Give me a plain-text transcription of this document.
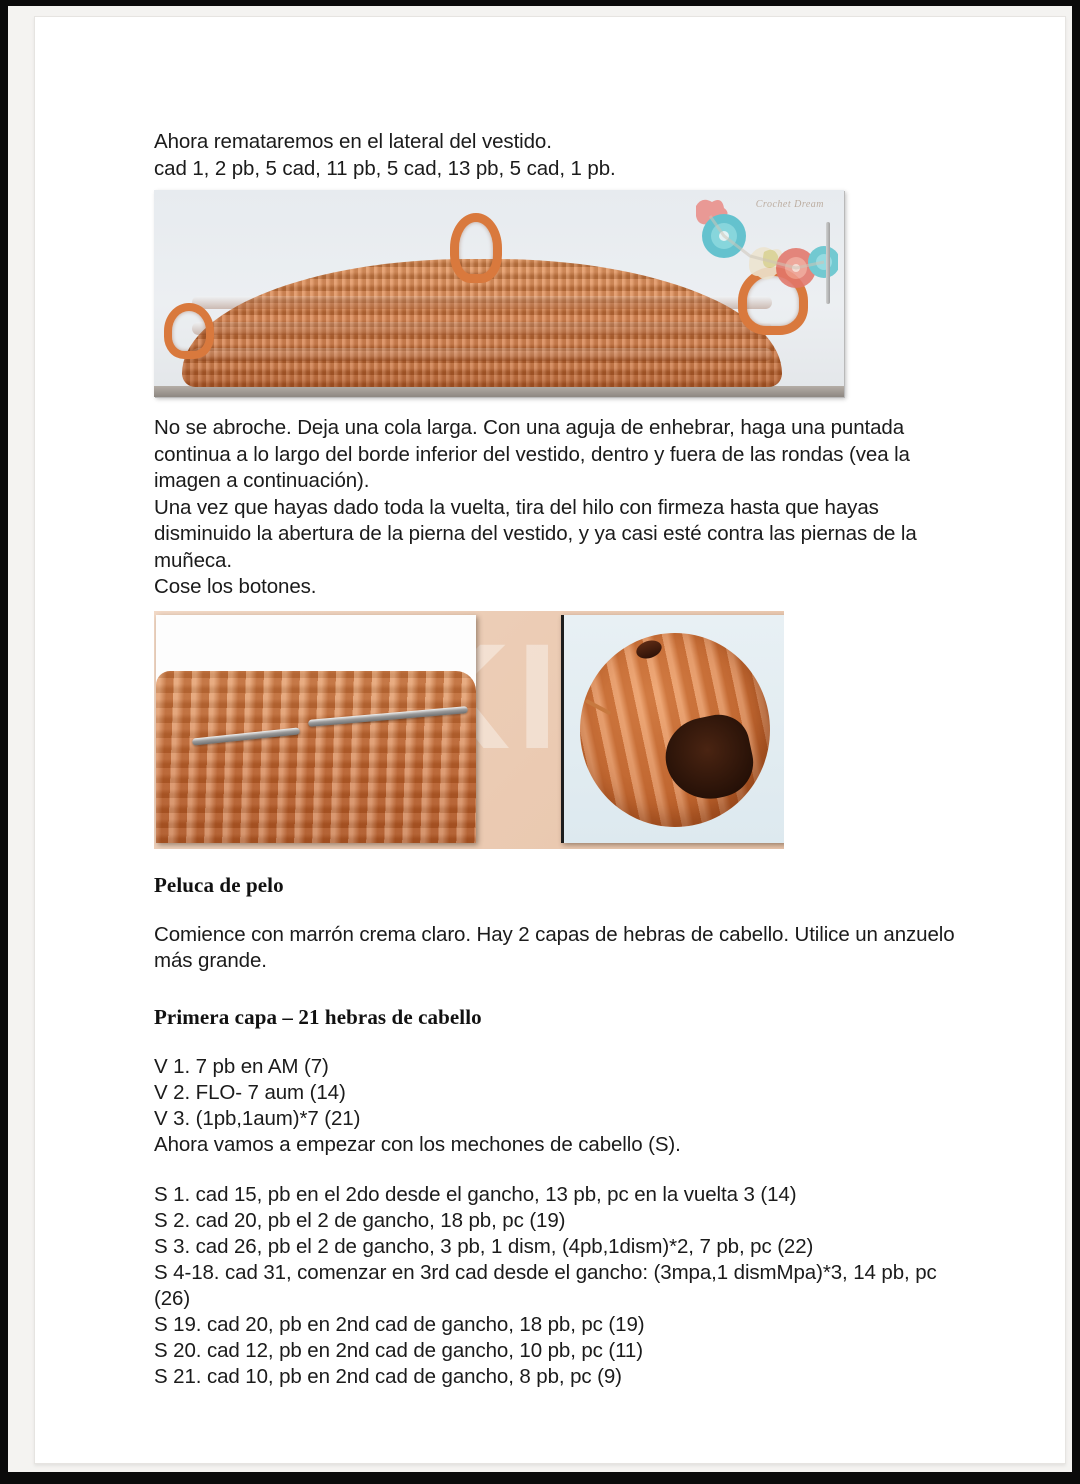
Ahora remataremos en el lateral del vestido.

cad 1, 2 pb, 5 cad, 11 pb, 5 cad, 13 pb, 5 cad, 1 pb.

Crochet Dream

No se abroche. Deja una cola larga. Con una aguja de enhebrar, haga una puntada continua a lo largo del borde inferior del vestido, dentro y fuera de las rondas (vea la imagen a continuación).

Una vez que hayas dado toda la vuelta, tira del hilo con firmeza hasta que hayas disminuido la abertura de la pierna del vestido, y ya casi esté contra las piernas de la muñeca.

Cose los botones.

Peluca de pelo

Comience con marrón crema claro. Hay 2 capas de hebras de cabello. Utilice un anzuelo más grande.

Primera capa – 21 hebras de cabello

V 1. 7 pb en AM (7)

V 2. FLO- 7 aum (14)

V 3. (1pb,1aum)*7 (21)

Ahora vamos a empezar con los mechones de cabello (S).

S 1. cad 15, pb en el 2do desde el gancho, 13 pb, pc en la vuelta 3 (14)

S 2. cad 20, pb el 2 de gancho, 18 pb, pc (19)

S 3. cad 26, pb el 2 de gancho, 3 pb, 1 dism, (4pb,1dism)*2, 7 pb, pc (22)

S 4-18. cad 31, comenzar en 3rd cad desde el gancho: (3mpa,1 dismMpa)*3, 14 pb, pc (26)

S 19. cad 20, pb en 2nd cad de gancho, 18 pb, pc (19)

S 20. cad 12, pb en 2nd cad de gancho, 10 pb, pc (11)

S 21. cad 10, pb en 2nd cad de gancho, 8 pb, pc (9)
